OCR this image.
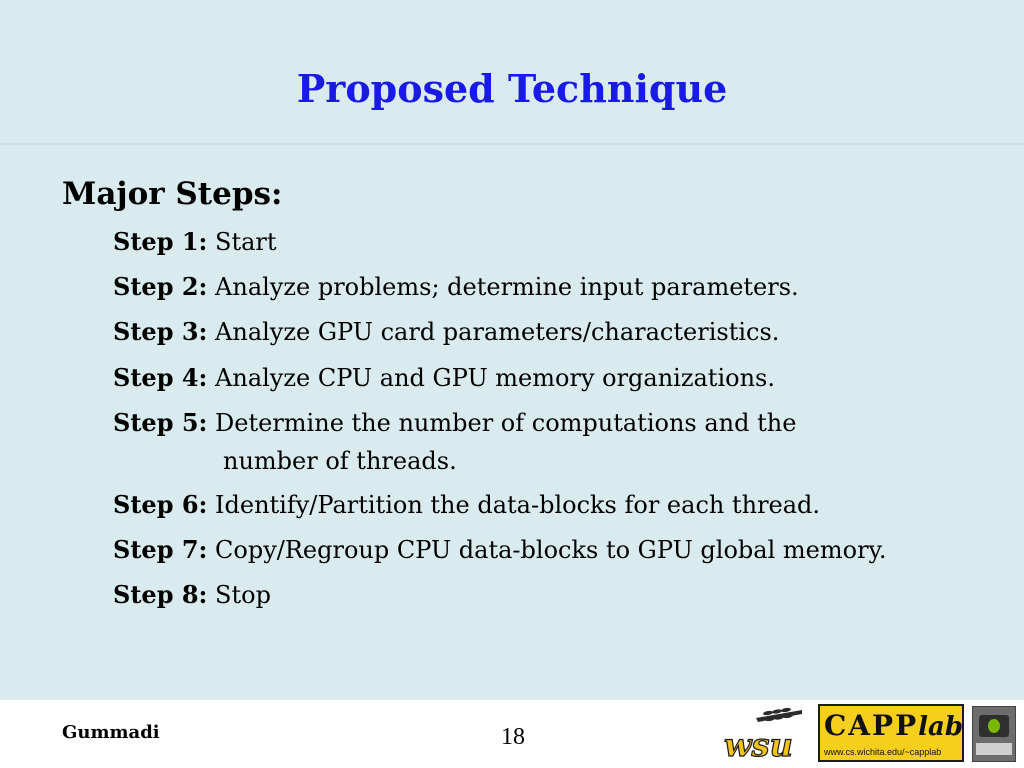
Proposed Technique
Major Steps:
Step 1: Start
Step 2: Analyze problems; determine input parameters.
Step 3: Analyze GPU card parameters/characteristics.
Step 4: Analyze CPU and GPU memory organizations.
Step 5: Determine the number of computations and the
number of threads.
Step 6: Identify/Partition the data-blocks for each thread.
Step 7: Copy/Regroup CPU data-blocks to GPU global memory.
Step 8: Stop
Gummadi	18	wsu
CAPPlab
www.cs.wichita.edu/~capplab
